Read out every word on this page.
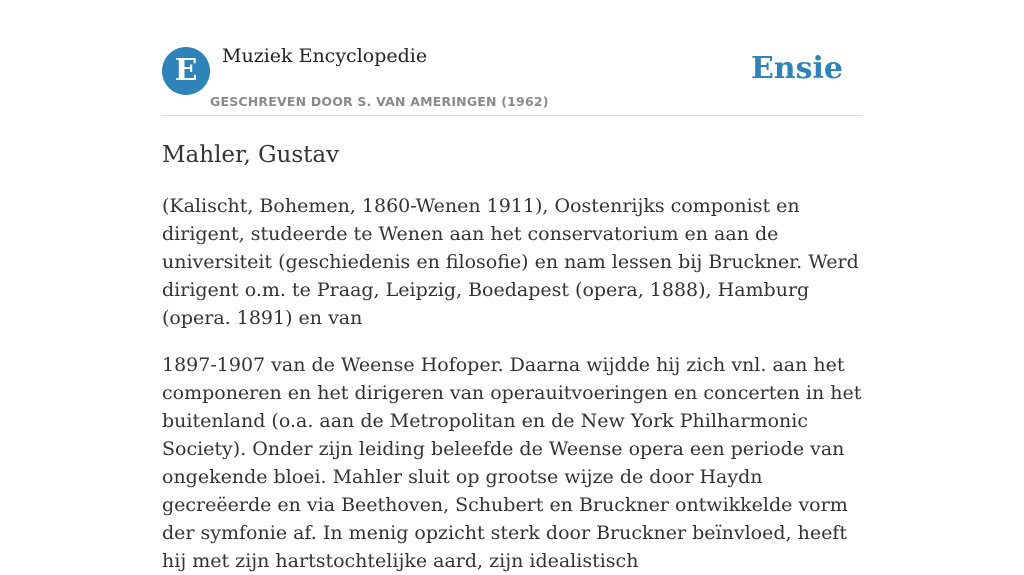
E	Muziek Encyclopedie
GESCHREVEN DOOR S. VAN AMERINGEN (1962)
Ensie
Mahler, Gustav

(Kalischt, Bohemen, 1860-Wenen 1911), Oostenrijks componist en dirigent, studeerde te Wenen aan het conservatorium en aan de universiteit (geschiedenis en filosofie) en nam lessen bij Bruckner. Werd dirigent o.m. te Praag, Leipzig, Boedapest (opera, 1888), Hamburg (opera. 1891) en van

1897-1907 van de Weense Hofoper. Daarna wijdde hij zich vnl. aan het componeren en het dirigeren van operauitvoeringen en concerten in het buitenland (o.a. aan de Metropolitan en de New York Philharmonic Society). Onder zijn leiding beleefde de Weense opera een periode van ongekende bloei. Mahler sluit op grootse wijze de door Haydn gecreëerde en via Beethoven, Schubert en Bruckner ontwikkelde vorm der symfonie af. In menig opzicht sterk door Bruckner beïnvloed, heeft hij met zijn hartstochtelijke aard, zijn idealistisch
